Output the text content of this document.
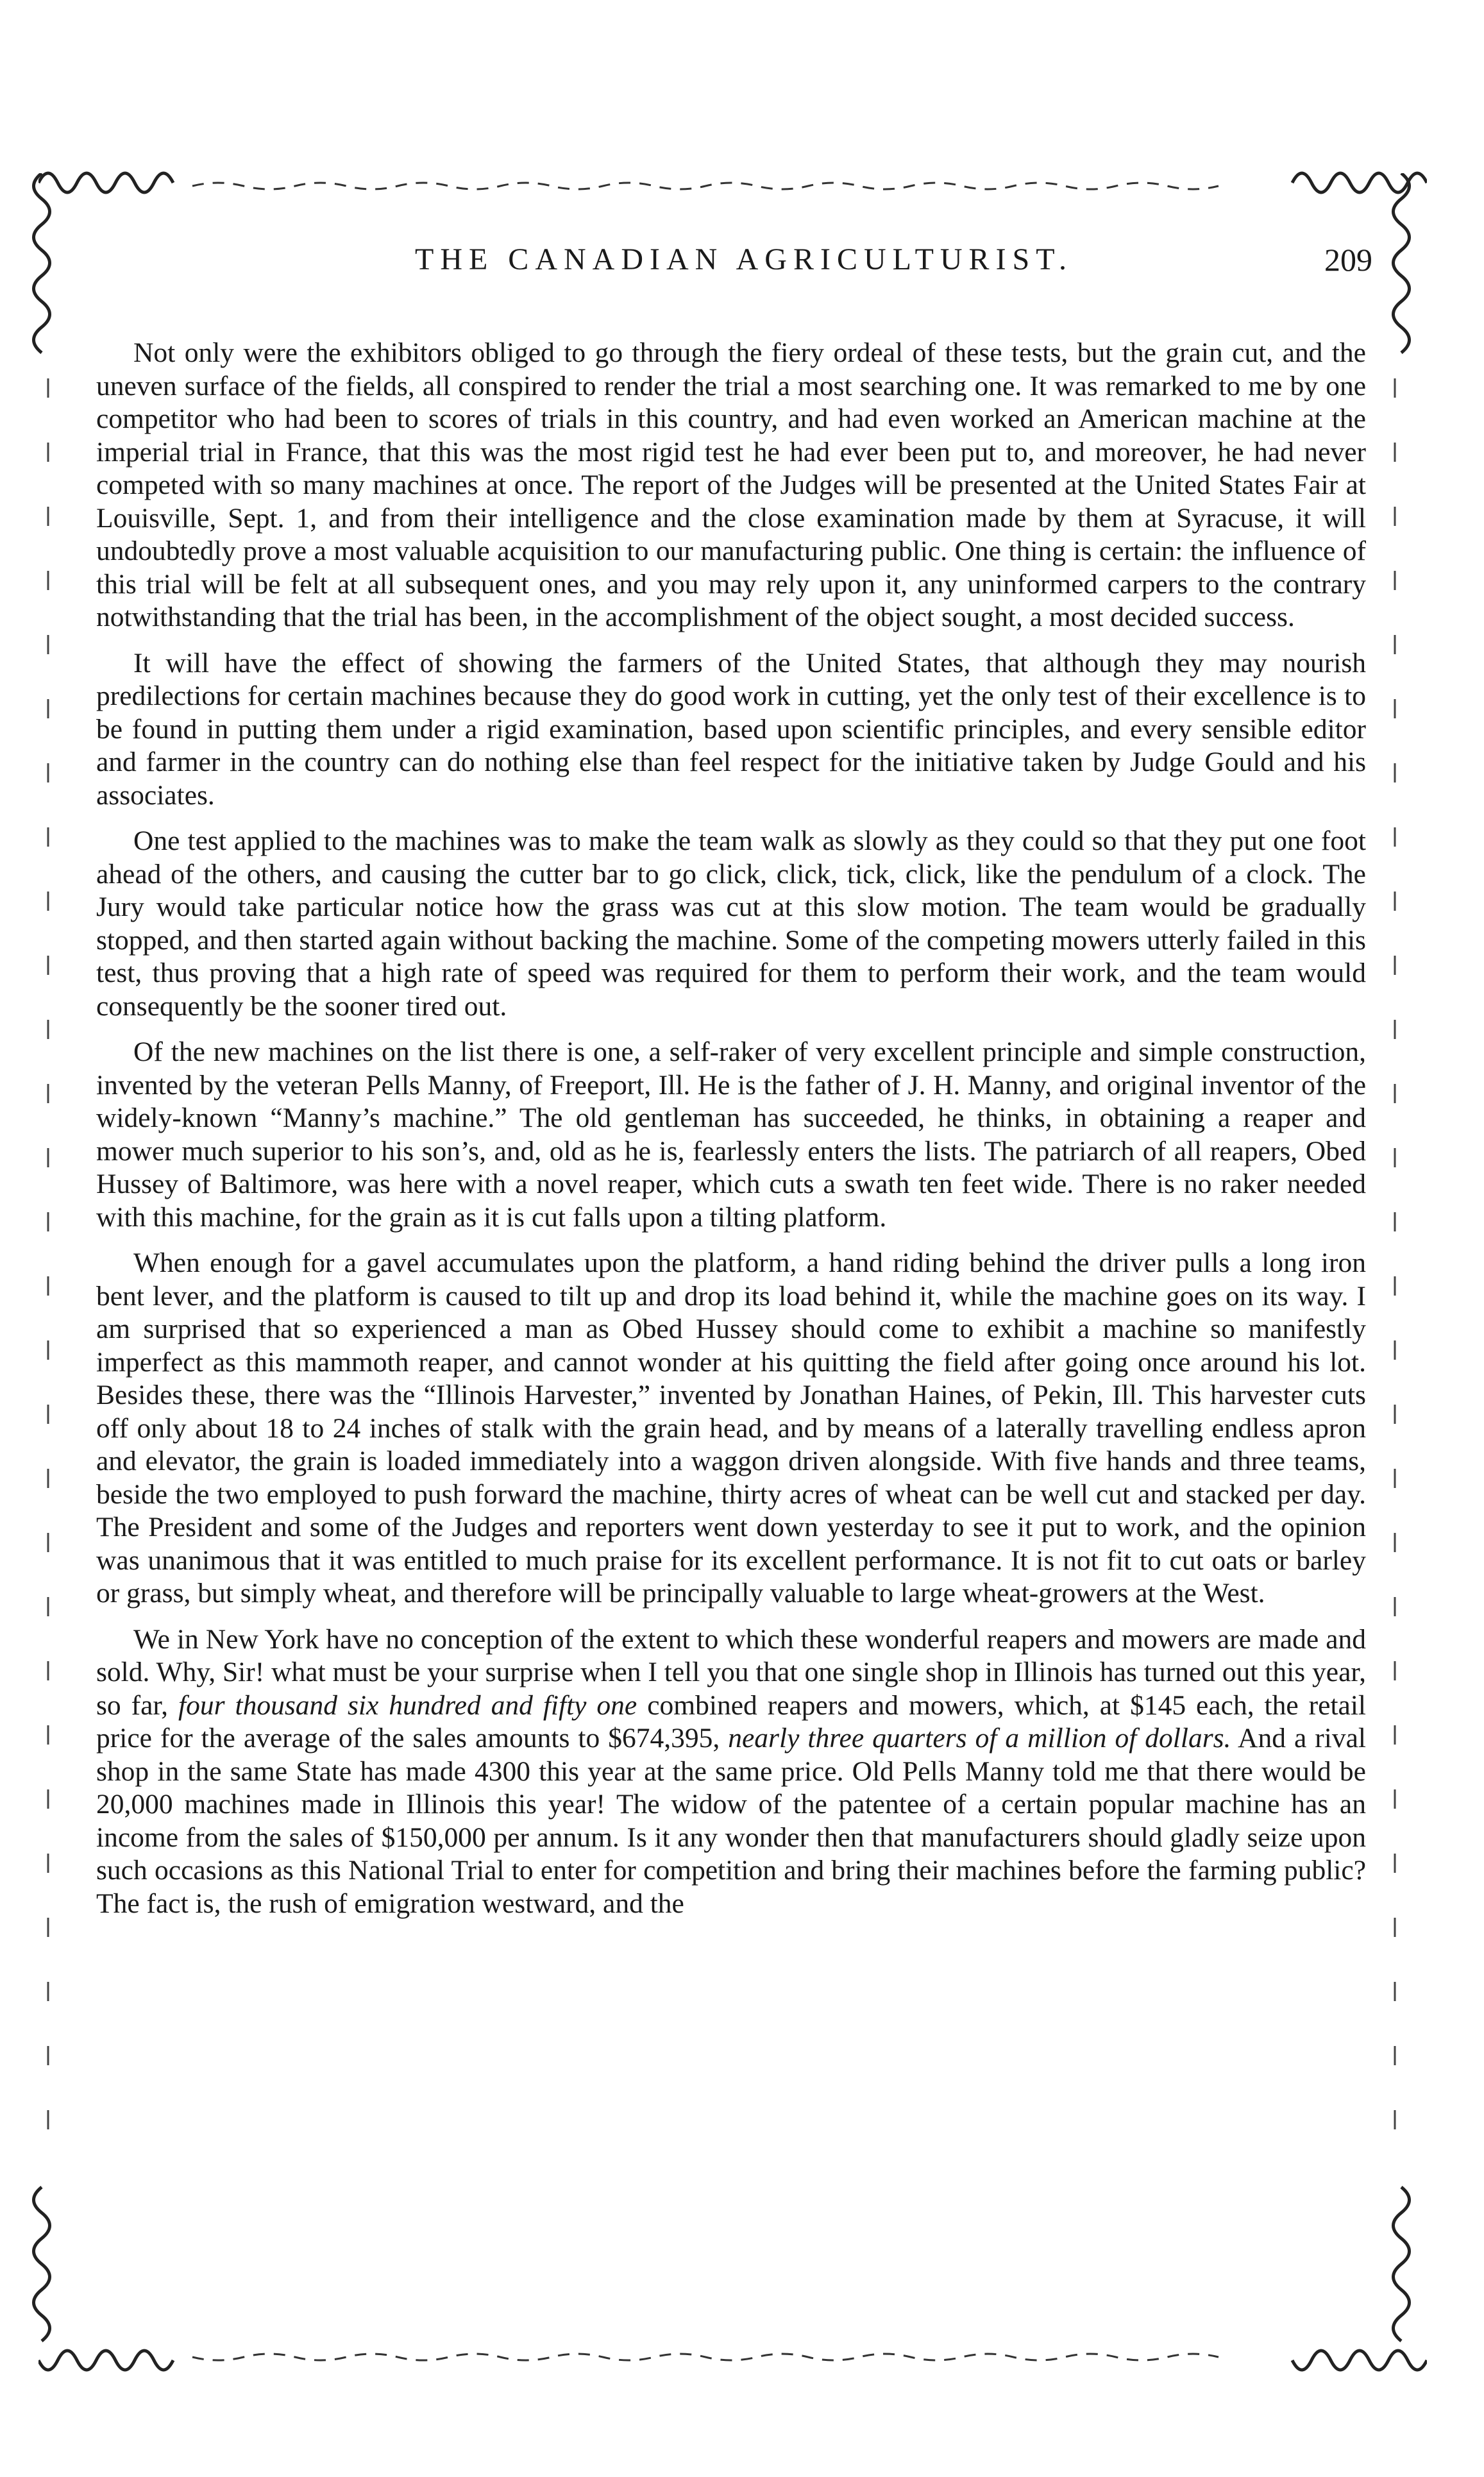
THE CANADIAN AGRICULTURIST.	209

Not only were the exhibitors obliged to go through the fiery ordeal of these tests, but the grain cut, and the uneven surface of the fields, all conspired to render the trial a most searching one. It was remarked to me by one competitor who had been to scores of trials in this country, and had even worked an American machine at the imperial trial in France, that this was the most rigid test he had ever been put to, and moreover, he had never competed with so many machines at once. The report of the Judges will be presented at the United States Fair at Louisville, Sept. 1, and from their intelligence and the close examination made by them at Syracuse, it will undoubtedly prove a most valuable acquisition to our manufacturing public. One thing is certain: the influence of this trial will be felt at all subsequent ones, and you may rely upon it, any uninformed carpers to the contrary notwithstanding that the trial has been, in the accomplishment of the object sought, a most decided success.

It will have the effect of showing the farmers of the United States, that although they may nourish predilections for certain machines because they do good work in cutting, yet the only test of their excellence is to be found in putting them under a rigid examination, based upon scientific principles, and every sensible editor and farmer in the country can do nothing else than feel respect for the initiative taken by Judge Gould and his associates.

One test applied to the machines was to make the team walk as slowly as they could so that they put one foot ahead of the others, and causing the cutter bar to go click, click, tick, click, like the pendulum of a clock. The Jury would take particular notice how the grass was cut at this slow motion. The team would be gradually stopped, and then started again without backing the machine. Some of the competing mowers utterly failed in this test, thus proving that a high rate of speed was required for them to perform their work, and the team would consequently be the sooner tired out.

Of the new machines on the list there is one, a self-raker of very excellent principle and simple construction, invented by the veteran Pells Manny, of Freeport, Ill. He is the father of J. H. Manny, and original inventor of the widely-known “Manny’s machine.” The old gentleman has succeeded, he thinks, in obtaining a reaper and mower much superior to his son’s, and, old as he is, fearlessly enters the lists. The patriarch of all reapers, Obed Hussey of Baltimore, was here with a novel reaper, which cuts a swath ten feet wide. There is no raker needed with this machine, for the grain as it is cut falls upon a tilting platform.

When enough for a gavel accumulates upon the platform, a hand riding behind the driver pulls a long iron bent lever, and the platform is caused to tilt up and drop its load behind it, while the machine goes on its way. I am surprised that so experienced a man as Obed Hussey should come to exhibit a machine so manifestly imperfect as this mammoth reaper, and cannot wonder at his quitting the field after going once around his lot. Besides these, there was the “Illinois Harvester,” invented by Jonathan Haines, of Pekin, Ill. This harvester cuts off only about 18 to 24 inches of stalk with the grain head, and by means of a laterally travelling endless apron and elevator, the grain is loaded immediately into a waggon driven alongside. With five hands and three teams, beside the two employed to push forward the machine, thirty acres of wheat can be well cut and stacked per day. The President and some of the Judges and reporters went down yesterday to see it put to work, and the opinion was unanimous that it was entitled to much praise for its excellent performance. It is not fit to cut oats or barley or grass, but simply wheat, and therefore will be principally valuable to large wheat-growers at the West.

We in New York have no conception of the extent to which these wonderful reapers and mowers are made and sold. Why, Sir! what must be your surprise when I tell you that one single shop in Illinois has turned out this year, so far, four thousand six hundred and fifty one combined reapers and mowers, which, at $145 each, the retail price for the average of the sales amounts to $674,395, nearly three quarters of a million of dollars. And a rival shop in the same State has made 4300 this year at the same price. Old Pells Manny told me that there would be 20,000 machines made in Illinois this year! The widow of the patentee of a certain popular machine has an income from the sales of $150,000 per annum. Is it any wonder then that manufacturers should gladly seize upon such occasions as this National Trial to enter for competition and bring their machines before the farming public? The fact is, the rush of emigration westward, and the
